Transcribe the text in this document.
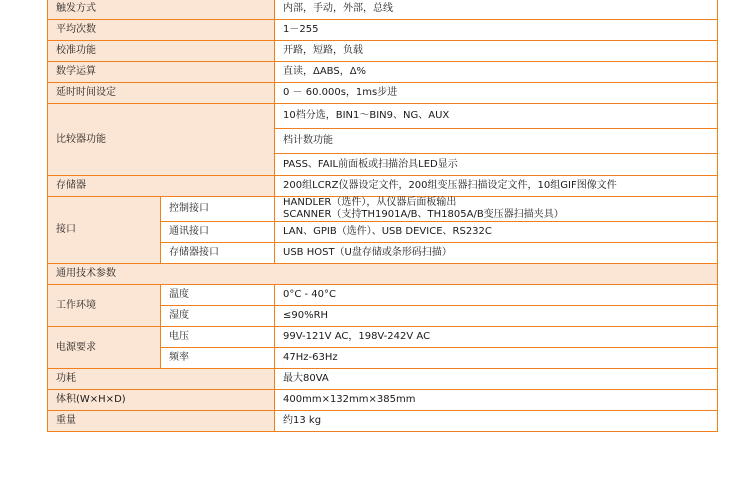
触发方式		内部，手动，外部，总线
平均次数		1－255
校准功能		开路，短路，负载
数学运算		直读，ΔABS，Δ%
延时时间设定		0 － 60.000s，1ms步进
比较器功能		10档分选，BIN1～BIN9、NG、AUX
		档计数功能
		PASS、FAIL前面板或扫描治具LED显示
存储器		200组LCRZ仪器设定文件，200组变压器扫描设定文件，10组GIF图像文件
接口	控制接口	HANDLER（选件），从仪器后面板输出
SCANNER（支持TH1901A/B、TH1805A/B变压器扫描夹具）

	通讯接口	LAN、GPIB（选件）、USB DEVICE、RS232C
	存储器接口	USB HOST（U盘存储或条形码扫描）
通用技术参数		
工作环境	温度	0°C - 40°C
	湿度	≤90%RH
电源要求	电压	99V-121V AC，198V-242V AC
	频率	47Hz-63Hz
功耗		最大80VA
体积(W×H×D)		400mm×132mm×385mm
重量		约13 kg
